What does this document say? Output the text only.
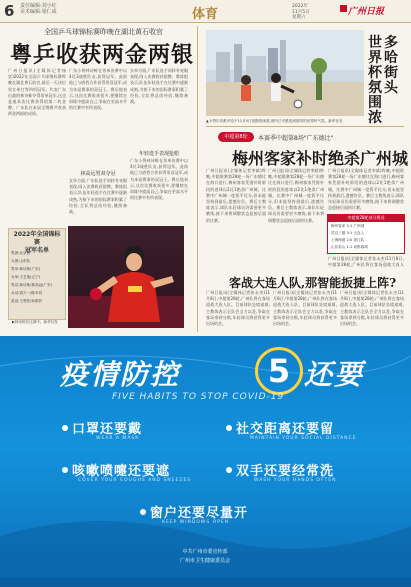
6 责任编辑:刘小红
美术编辑:梁仁成	体育
2022年
11月5日
星期六
广州日报
全国乒乓球锦标赛昨晚在湖北黄石收官
粤乒收获两金两银
广州日报讯(全媒体记者杨奕)2022年全国乒乓球锦标赛昨晚在湖北黄石收官,最后一天决出男女单打等四项冠军。代表广东出战的林诗栋夺得男单冠军,这也是他本次比赛获得的第二枚金牌。广东队在本届全锦赛共收获两金两银的成绩。
广东小将林诗栋在男单决赛中以4比3战胜队友,获得冠军。此前他已与搭档合作获得男双冠军,成为本届赛事的双冠王。赛后他表示,这次比赛收获很多,要继续在训练中提高自己,争取在更高水平的比赛中有所表现。
林高远男双夺冠
女单方面,广东队选手同样有亮眼表现,闯入决赛收获银牌。教练组表示,队伍年轻选手在比赛中逐渐成熟,为接下来的国际赛事积累了经验,全队将总结经验,继续备战。
女单方面,广东队选手同样有亮眼表现,闯入决赛收获银牌。教练组表示,队伍年轻选手在比赛中逐渐成熟,为接下来的国际赛事积累了经验,全队将总结经验,继续备战。
年轻选手表现抢眼
广东小将林诗栋在男单决赛中以4比3战胜队友,获得冠军。此前他已与搭档合作获得男双冠军,成为本届赛事的双冠王。赛后他表示,这次比赛收获很多,要继续在训练中提高自己,争取在更高水平的比赛中有所表现。
2022年全国锦标赛
冠军名单
男团:北京队
女团:山东队
男单:林诗栋(广东)
女单:王艺迪(辽宁)
男双:林诗栋/林高远(广东)
女双:钱天一/陈幸同
混双:王楚钦/孙颖莎
▶林诗栋在比赛中。新华社发
多哈街头
世界杯氛围浓
▲卡塔尔首都多哈于11月5日拍摄的画面,城内已可感受到浓浓的世界杯气氛。新华社发
中超第8轮	本赛季中超第8场"广东德比"
梅州客家补时绝杀广州城
广州日报讯(全媒体记者李斌)昨晚,中超联赛第28轮一场广东德比在海口进行,梅州客家凭借补时阶段的进球以2比1绝杀广州城。比赛中广州城一度扳平比分,但未能坚持到最后,遗憾告负。赛后主教练表示,球队年轻球员仍需要更多磨练,接下来将调整状态迎接后面的比赛。
广州日报讯(全媒体记者李斌)昨晚,中超联赛第28轮一场广东德比在海口进行,梅州客家凭借补时阶段的进球以2比1绝杀广州城。比赛中广州城一度扳平比分,但未能坚持到最后,遗憾告负。赛后主教练表示,球队年轻球员仍需要更多磨练,接下来将调整状态迎接后面的比赛。
广州日报讯(全媒体记者李斌)昨晚,中超联赛第28轮一场广东德比在海口进行,梅州客家凭借补时阶段的进球以2比1绝杀广州城。比赛中广州城一度扳平比分,但未能坚持到最后,遗憾告负。赛后主教练表示,球队年轻球员仍需要更多磨练,接下来将调整状态迎接后面的比赛。
中超第28轮部分赛况
梅州客家 2:1 广州城
武汉三镇 3:1 大连人
上海海港 2:0 浙江队
山东泰山 1:1 成都蓉城
广州日报讯(全媒体记者张永杰)11月8日,中超第28轮,广州队将在客场迎战大连人
客战大连人队,那智能扳捷上阵?
广州日报讯(全媒体记者张永杰)11月8日,中超第28轮,广州队将在客场迎战大连人队。目前球队处境艰难,主教练表示全队会全力以赴,争取在客场拿到分数,年轻球员将获得更多出场机会。
广州日报讯(全媒体记者张永杰)11月8日,中超第28轮,广州队将在客场迎战大连人队。目前球队处境艰难,主教练表示全队会全力以赴,争取在客场拿到分数,年轻球员将获得更多出场机会。
广州日报讯(全媒体记者张永杰)11月8日,中超第28轮,广州队将在客场迎战大连人队。目前球队处境艰难,主教练表示全队会全力以赴,争取在客场拿到分数,年轻球员将获得更多出场机会。
疫情防控	5 还要
FIVE HABITS TO STOP COVID-19
口罩还要戴
WEAR A MASK
社交距离还要留
MAINTAIN YOUR SOCIAL DISTANCE
咳嗽喷嚏还要遮
COVER YOUR COUGHS AND SNEEZES
双手还要经常洗
WASH YOUR HANDS OFTEN
窗户还要尽量开
KEEP WINDOWS OPEN
中共广州市委宣传部
广州市卫生健康委员会
